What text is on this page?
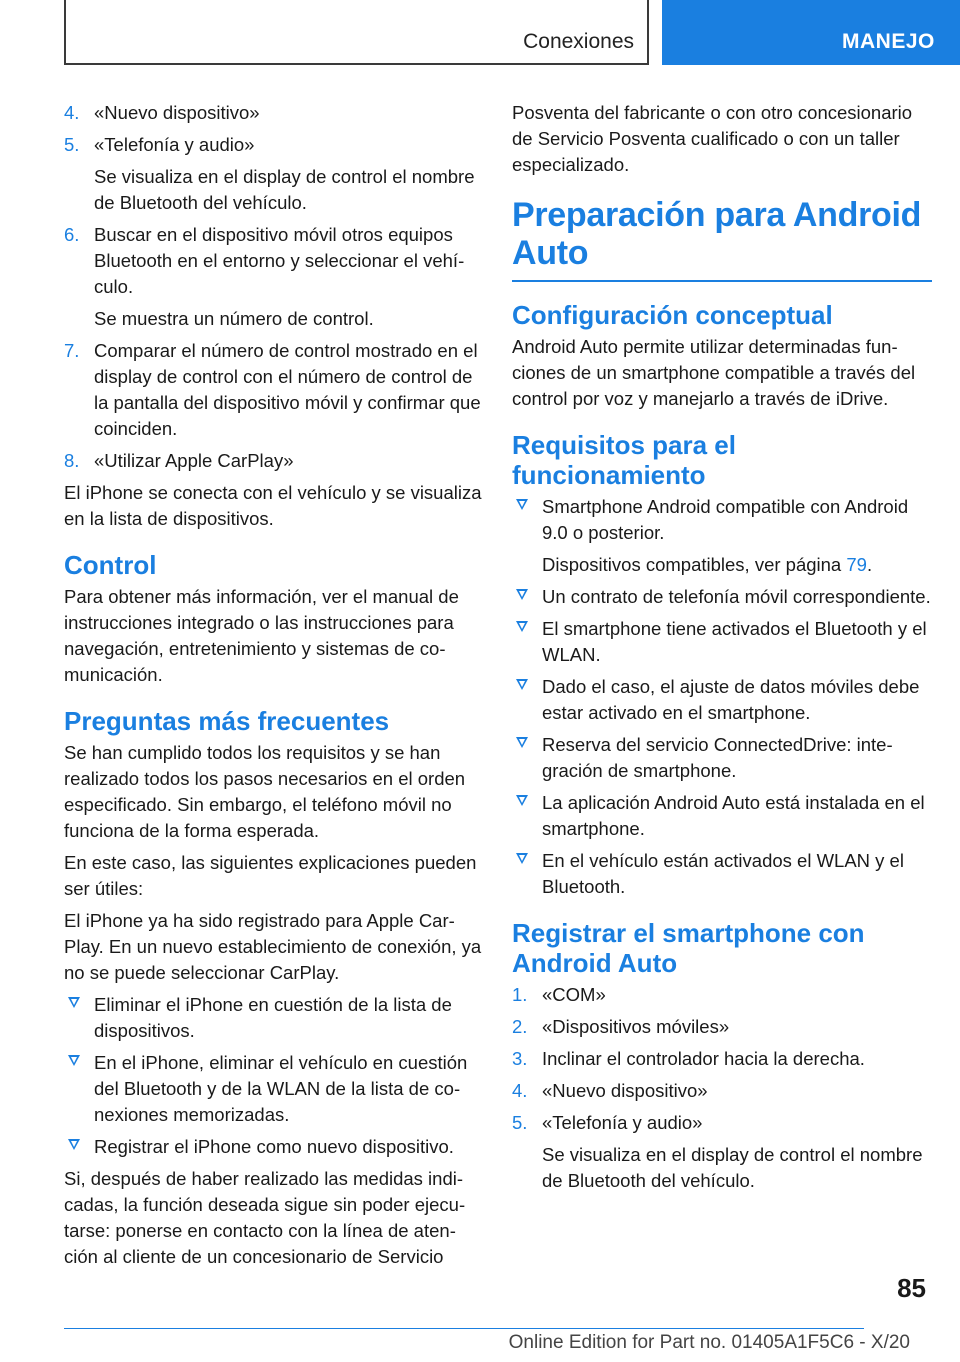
Conexiones	MANEJO
4. «Nuevo dispositivo»
5. «Telefonía y audio»
Se visualiza en el display de control el nombre de Bluetooth del vehículo.
6. Buscar en el dispositivo móvil otros equipos Bluetooth en el entorno y seleccionar el vehículo.
Se muestra un número de control.
7. Comparar el número de control mostrado en el display de control con el número de control de la pantalla del dispositivo móvil y confirmar que coinciden.
8. «Utilizar Apple CarPlay»

El iPhone se conecta con el vehículo y se visualiza en la lista de dispositivos.

Control

Para obtener más información, ver el manual de instrucciones integrado o las instrucciones para navegación, entretenimiento y sistemas de comunicación.

Preguntas más frecuentes

Se han cumplido todos los requisitos y se han realizado todos los pasos necesarios en el orden especificado. Sin embargo, el teléfono móvil no funciona de la forma esperada.

En este caso, las siguientes explicaciones pueden ser útiles:

El iPhone ya ha sido registrado para Apple CarPlay. En un nuevo establecimiento de conexión, ya no se puede seleccionar CarPlay.

Eliminar el iPhone en cuestión de la lista de dispositivos.
En el iPhone, eliminar el vehículo en cuestión del Bluetooth y de la WLAN de la lista de conexiones memorizadas.
Registrar el iPhone como nuevo dispositivo.

Si, después de haber realizado las medidas indicadas, la función deseada sigue sin poder ejecutarse: ponerse en contacto con la línea de atención al cliente de un concesionario de Servicio

Posventa del fabricante o con otro concesionario de Servicio Posventa cualificado o con un taller especializado.

Preparación para Android Auto
Configuración conceptual

Android Auto permite utilizar determinadas funciones de un smartphone compatible a través del control por voz y manejarlo a través de iDrive.

Requisitos para el funcionamiento
Smartphone Android compatible con Android 9.0 o posterior.
Dispositivos compatibles, ver página 79.
Un contrato de telefonía móvil correspondiente.
El smartphone tiene activados el Bluetooth y el WLAN.
Dado el caso, el ajuste de datos móviles debe estar activado en el smartphone.
Reserva del servicio ConnectedDrive: integración de smartphone.
La aplicación Android Auto está instalada en el smartphone.
En el vehículo están activados el WLAN y el Bluetooth.
Registrar el smartphone con Android Auto
1. «COM»
2. «Dispositivos móviles»
3. Inclinar el controlador hacia la derecha.
4. «Nuevo dispositivo»
5. «Telefonía y audio»
Se visualiza en el display de control el nombre de Bluetooth del vehículo.
85
Online Edition for Part no. 01405A1F5C6 - X/20
